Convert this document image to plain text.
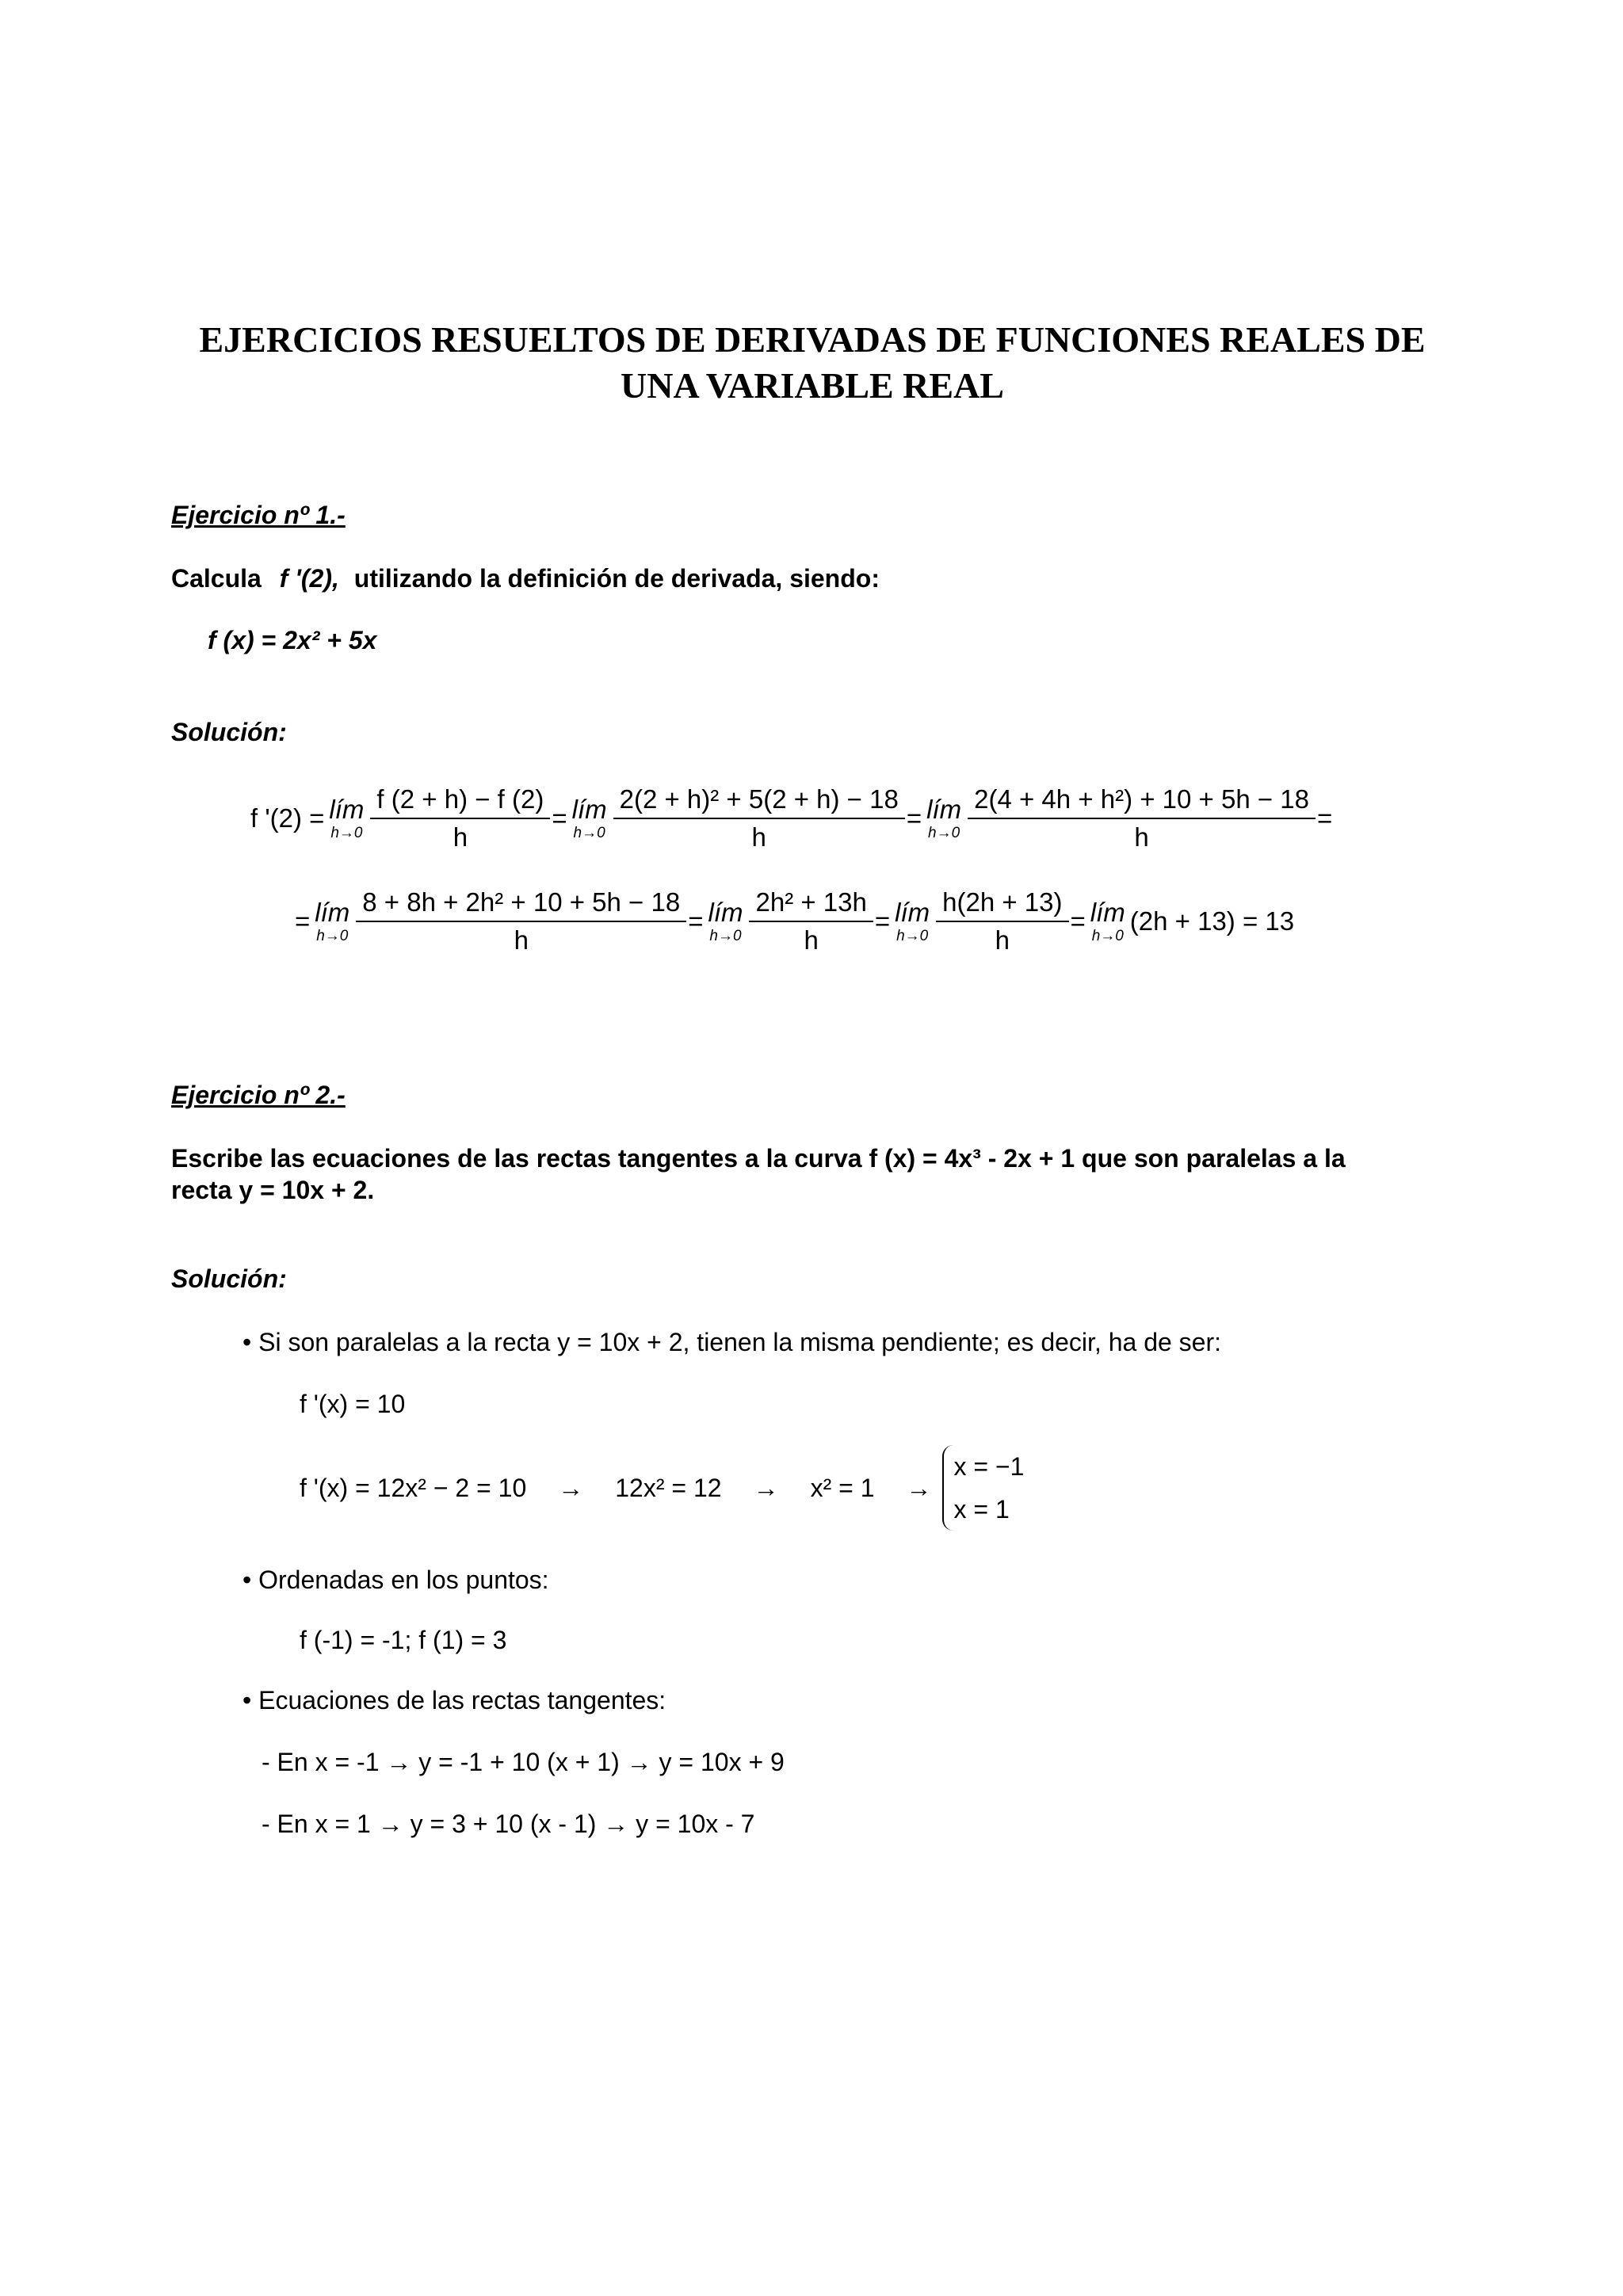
EJERCICIOS RESUELTOS DE DERIVADAS DE FUNCIONES REALES DE
UNA VARIABLE REAL
Ejercicio nº 1.-
Calcula f '(2), utilizando la definición de derivada, siendo:
f (x) = 2x² + 5x
Solución:
f '(2) = lím
$h\to 0 \frac{f (2 + h) - f (2)}{h}$ = lím
$h\to 0 \frac{\text{2(2 + h)² + 5(2 + h) − 18}}{h}$ = lím
$h\to 0 \frac{\text{2(4 + 4h + h²) + 10 + 5h − 18}}{h}$ =
= lím
$h\to 0 \frac{\text{8 + 8h + 2h² + 10 + 5h − 18}}{h}$ = lím
$h\to 0 \frac{\text{2h² + 13h}}{h}$ = lím
$h\to 0 \frac{h(2h + 13)}{h}$ = lím
h→0
(2h + 13) = 13
Ejercicio nº 2.-
Escribe las ecuaciones de las rectas tangentes a la curva f (x) = 4x³ - 2x + 1 que son paralelas a la
recta y = 10x + 2.
Solución:
• Si son paralelas a la recta y = 10x + 2, tienen la misma pendiente; es decir, ha de ser:
f '(x) = 10
f '(x) = 12x² − 2 = 10 → 12x² = 12 → x² = 1 →
x = −1
x = 1
• Ordenadas en los puntos:
f (-1) = -1; f (1) = 3
• Ecuaciones de las rectas tangentes:
- En x = -1 → y = -1 + 10 (x + 1) → y = 10x + 9
- En x = 1 → y = 3 + 10 (x - 1) → y = 10x - 7
